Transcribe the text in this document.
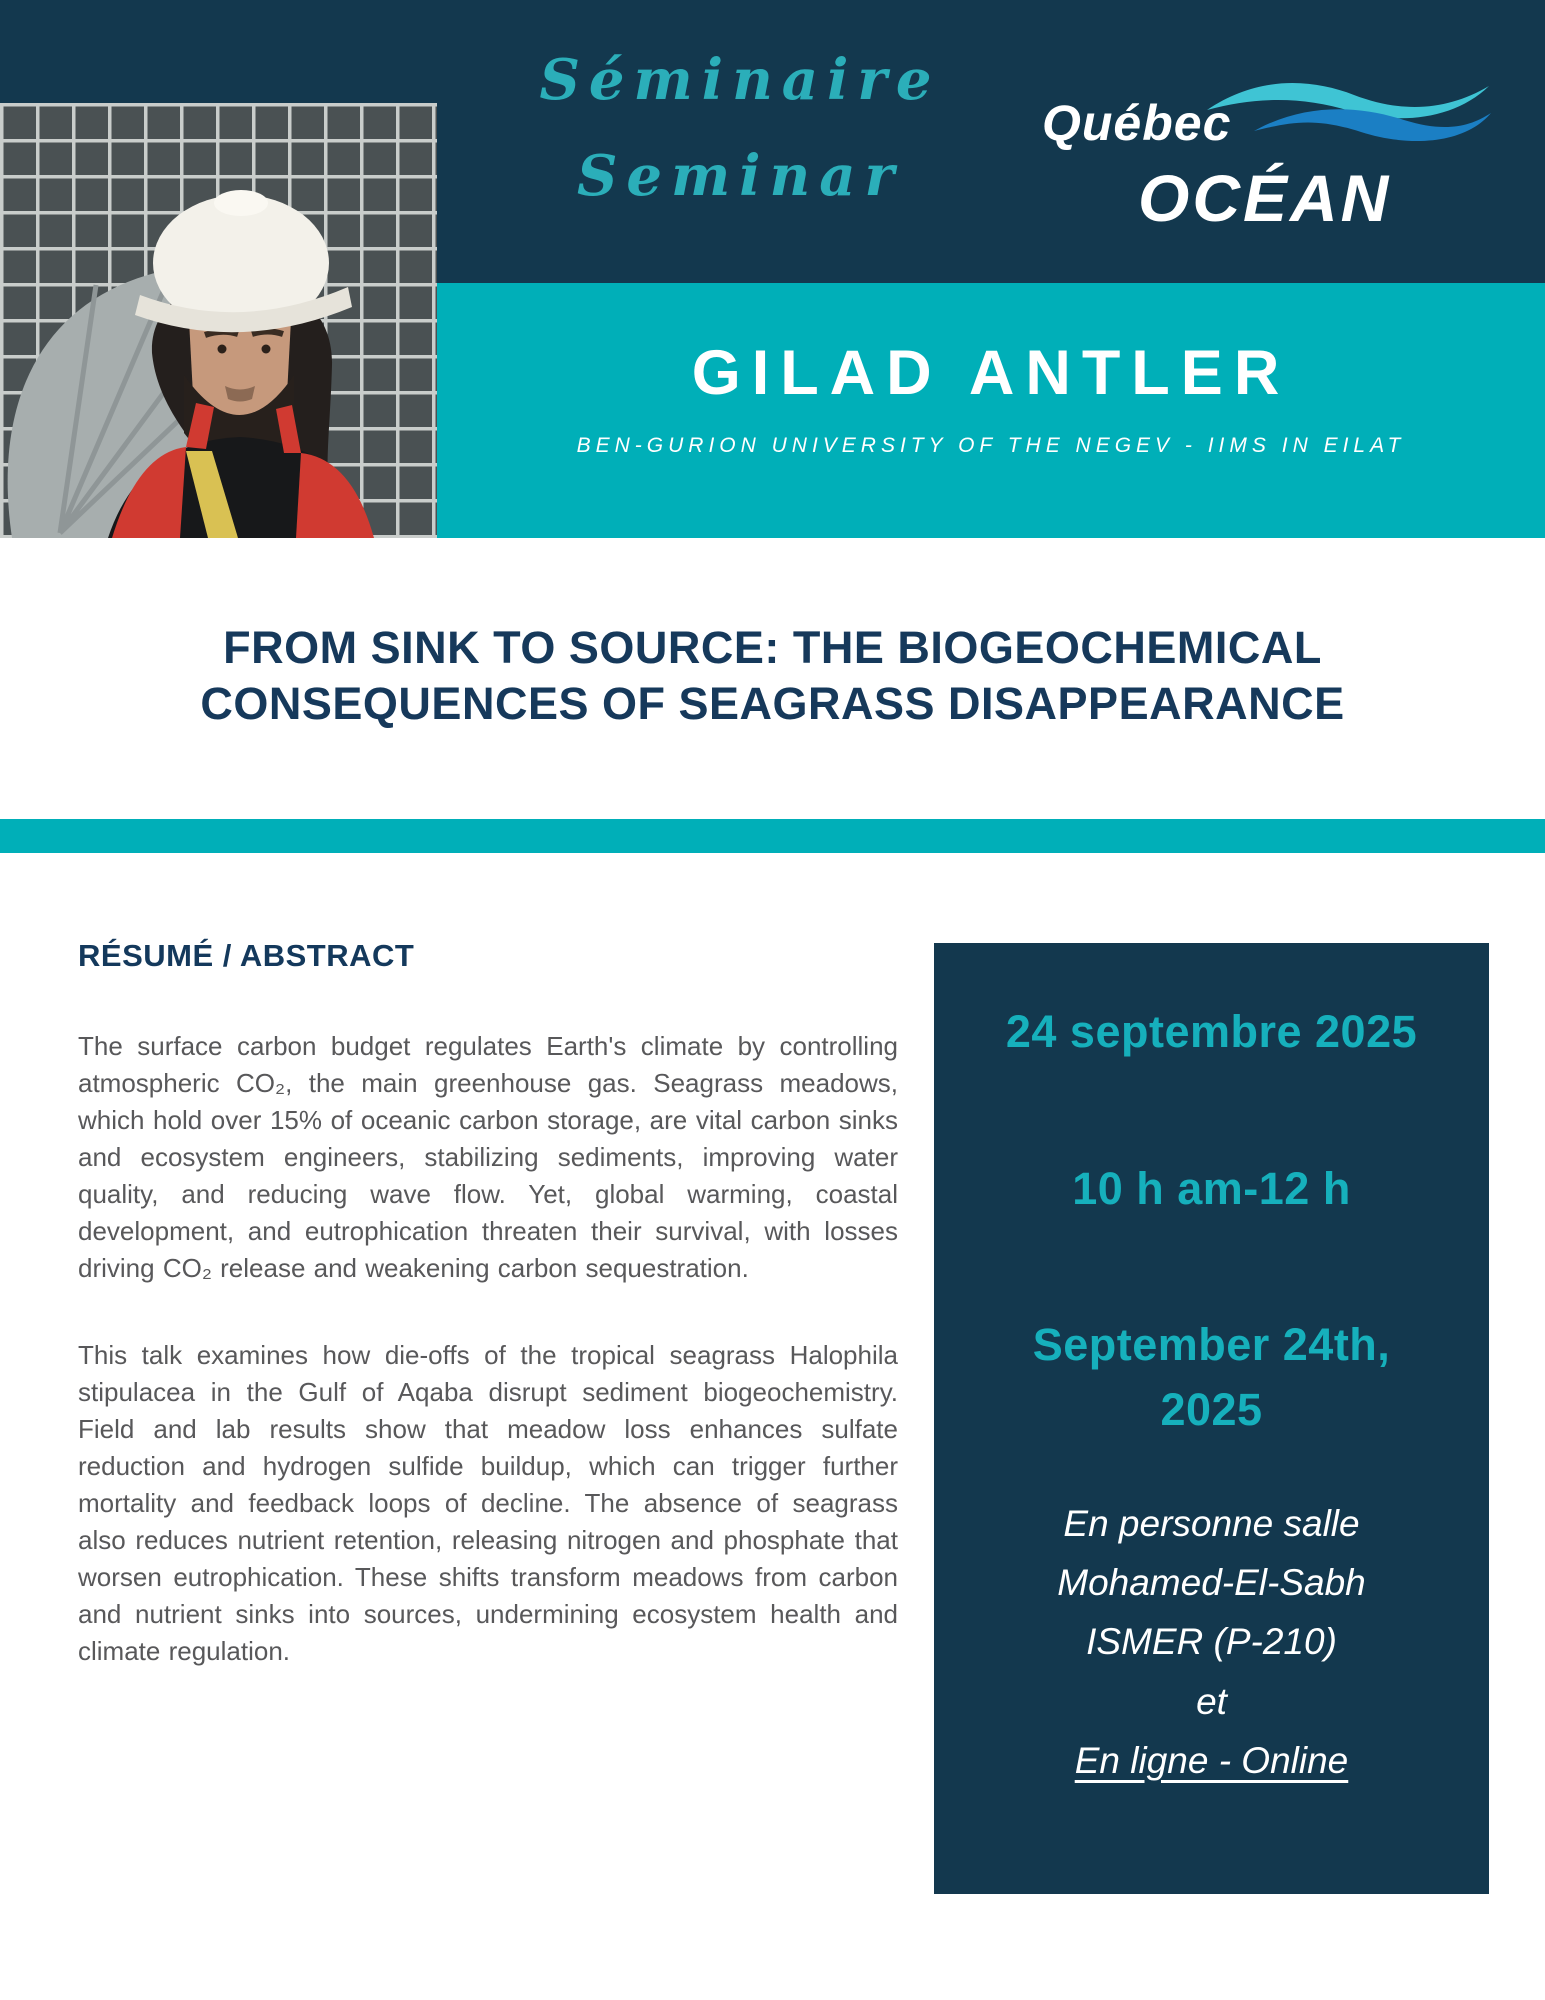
Séminaire
Seminar
Québec
OCÉAN
GILAD ANTLER
BEN-GURION UNIVERSITY OF THE NEGEV - IIMS IN EILAT
FROM SINK TO SOURCE: THE BIOGEOCHEMICAL
CONSEQUENCES OF SEAGRASS DISAPPEARANCE
RÉSUMÉ / ABSTRACT

The surface carbon budget regulates Earth's climate by controlling atmospheric CO₂, the main greenhouse gas. Seagrass meadows, which hold over 15% of oceanic carbon storage, are vital carbon sinks and ecosystem engineers, stabilizing sediments, improving water quality, and reducing wave flow. Yet, global warming, coastal development, and eutrophication threaten their survival, with losses driving CO₂ release and weakening carbon sequestration.

This talk examines how die-offs of the tropical seagrass Halophila stipulacea in the Gulf of Aqaba disrupt sediment biogeochemistry. Field and lab results show that meadow loss enhances sulfate reduction and hydrogen sulfide buildup, which can trigger further mortality and feedback loops of decline. The absence of seagrass also reduces nutrient retention, releasing nitrogen and phosphate that worsen eutrophication. These shifts transform meadows from carbon and nutrient sinks into sources, undermining ecosystem health and climate regulation.

24 septembre 2025
10 h am-12 h
September 24th, 2025
En personne salle
Mohamed-El-Sabh
ISMER (P-210)
et
En ligne - Online
